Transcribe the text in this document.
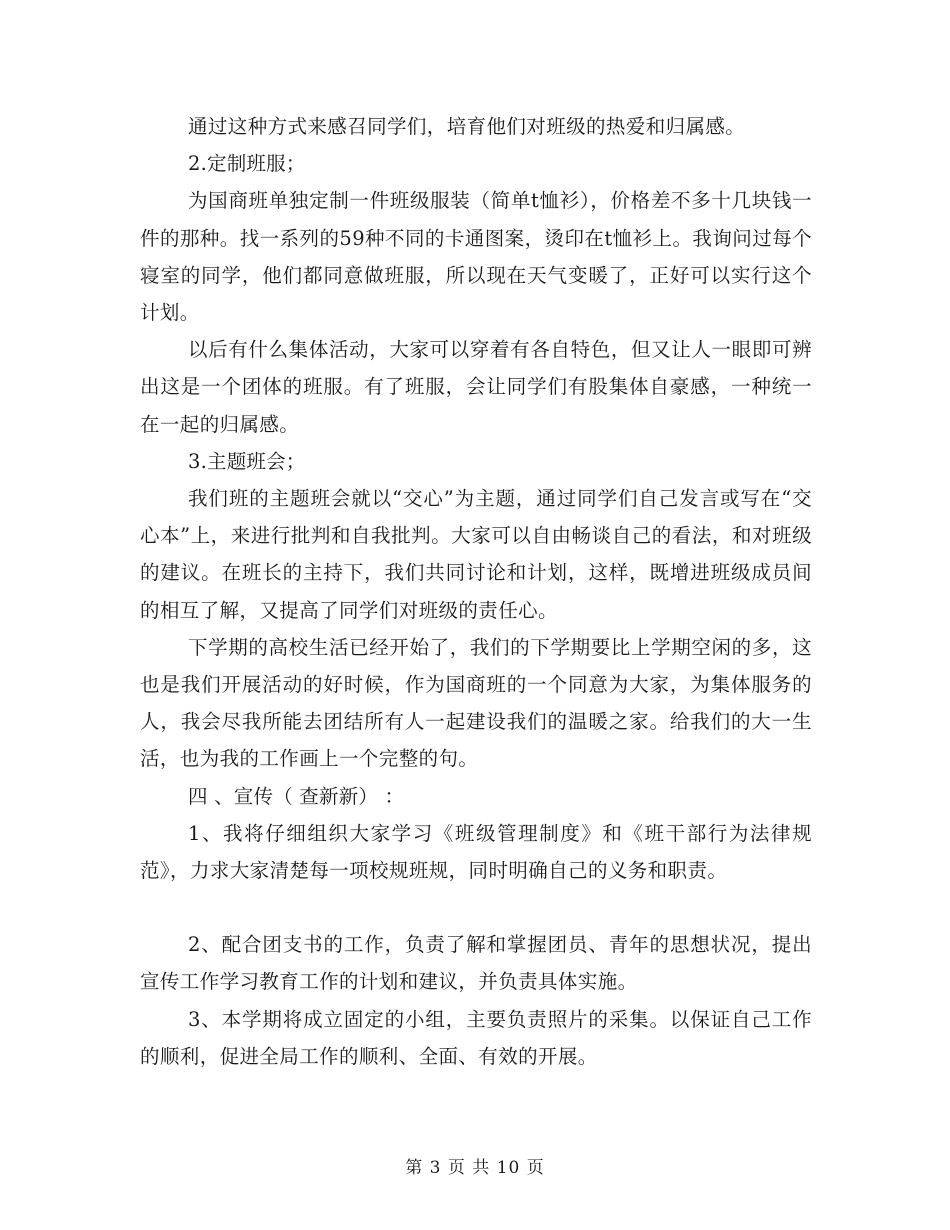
通过这种方式来感召同学们，培育他们对班级的热爱和归属感。

2.定制班服；

为国商班单独定制一件班级服装（简单t恤衫），价格差不多十几块钱一件的那种。找一系列的59种不同的卡通图案，烫印在t恤衫上。我询问过每个寝室的同学，他们都同意做班服，所以现在天气变暖了，正好可以实行这个计划。

以后有什么集体活动，大家可以穿着有各自特色，但又让人一眼即可辨出这是一个团体的班服。有了班服，会让同学们有股集体自豪感，一种统一在一起的归属感。

3.主题班会；

我们班的主题班会就以“交心”为主题，通过同学们自己发言或写在“交心本”上，来进行批判和自我批判。大家可以自由畅谈自己的看法，和对班级的建议。在班长的主持下，我们共同讨论和计划，这样，既增进班级成员间的相互了解，又提高了同学们对班级的责任心。

下学期的高校生活已经开始了，我们的下学期要比上学期空闲的多，这也是我们开展活动的好时候，作为国商班的一个同意为大家，为集体服务的人，我会尽我所能去团结所有人一起建设我们的温暖之家。给我们的大一生活，也为我的工作画上一个完整的句。

四 、宣传（ 查新新） ：

1、我将仔细组织大家学习《班级管理制度》和《班干部行为法律规范》，力求大家清楚每一项校规班规，同时明确自己的义务和职责。

2、配合团支书的工作，负责了解和掌握团员、青年的思想状况，提出宣传工作学习教育工作的计划和建议，并负责具体实施。

3、本学期将成立固定的小组，主要负责照片的采集。以保证自己工作的顺利，促进全局工作的顺利、全面、有效的开展。

第 3 页 共 10 页
